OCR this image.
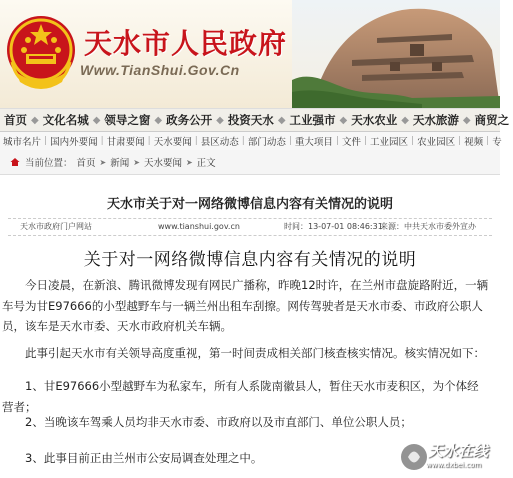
天水市人民政府
Www.TianShui.Gov.Cn
首页 ◆ 文化名城 ◆ 领导之窗 ◆ 政务公开 ◆ 投资天水 ◆ 工业强市 ◆ 天水农业 ◆ 天水旅游 ◆ 商贸之
城市名片 | 国内外要闻 | 甘肃要闻 | 天水要闻 | 县区动态 | 部门动态 | 重大项目 | 文件 | 工业园区 | 农业园区 | 视频 | 专
当前位置： 首页 ➤ 新闻 ➤ 天水要闻 ➤ 正文
天水市关于对一网络微博信息内容有关情况的说明
天水市政府门户网站	www.tianshui.gov.cn	时间：13-07-01 08:46:31
来源：中共天水市委外宣办
关于对一网络微博信息内容有关情况的说明
  今日凌晨，在新浪、腾讯微博发现有网民广播称，昨晚12时许，在兰州市盘旋路附近，一辆车号为甘E97666的小型越野车与一辆兰州出租车刮擦。网传驾驶者是天水市委、市政府公职人员，该车是天水市委、天水市政府机关车辆。
  此事引起天水市有关领导高度重视，第一时间责成相关部门核查核实情况。核实情况如下：
  1、甘E97666小型越野车为私家车，所有人系陇南徽县人，暂住天水市麦积区，为个体经营者；
  2、当晚该车驾乘人员均非天水市委、市政府以及市直部门、单位公职人员；
  3、此事目前正由兰州市公安局调查处理之中。	天水在线
www.dxbei.com
